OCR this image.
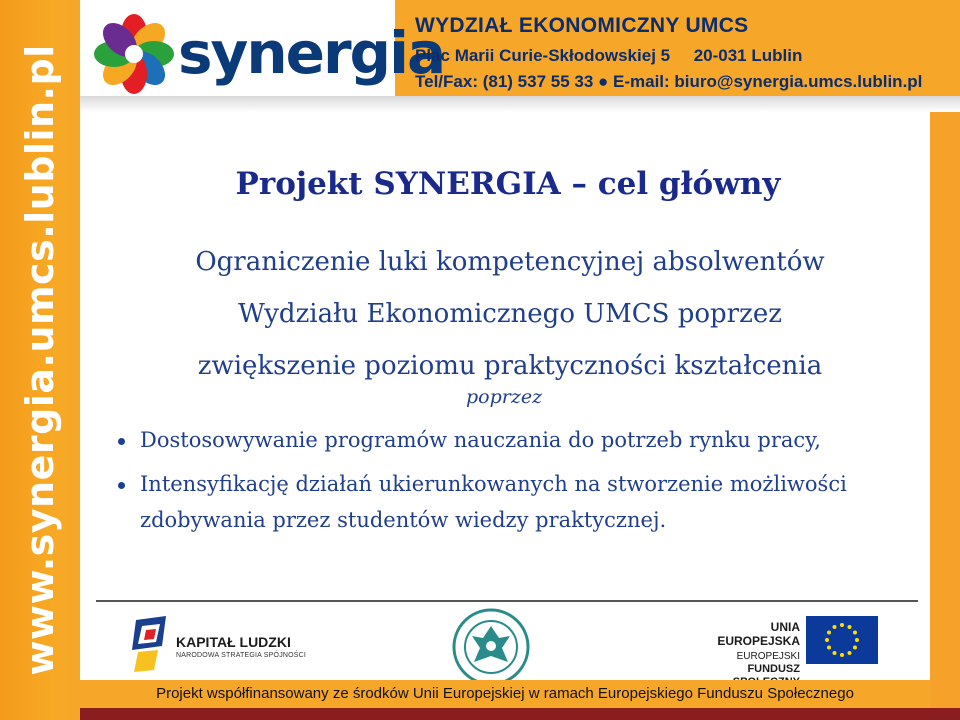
www.synergia.umcs.lublin.pl synergia
WYDZIAŁ EKONOMICZNY UMCS
Plac Marii Curie-Skłodowskiej 5     20-031 Lublin
Tel/Fax: (81) 537 55 33 ● E-mail: biuro@synergia.umcs.lublin.pl
Projekt SYNERGIA – cel główny
Ograniczenie luki kompetencyjnej absolwentów
Wydziału Ekonomicznego UMCS poprzez
zwiększenie poziomu praktyczności kształcenia
poprzez
Dostosowywanie programów nauczania do potrzeb rynku pracy,
Intensyfikację działań ukierunkowanych na stworzenie możliwości zdobywania przez studentów wiedzy praktycznej.
KAPITAŁ LUDZKI
NARODOWA STRATEGIA SPÓJNOŚCI
UNIA EUROPEJSKA
EUROPEJSKI
FUNDUSZ
Projekt współfinansowany ze środków Unii Europejskiej w ramach Europejskiego Funduszu Społecznego
